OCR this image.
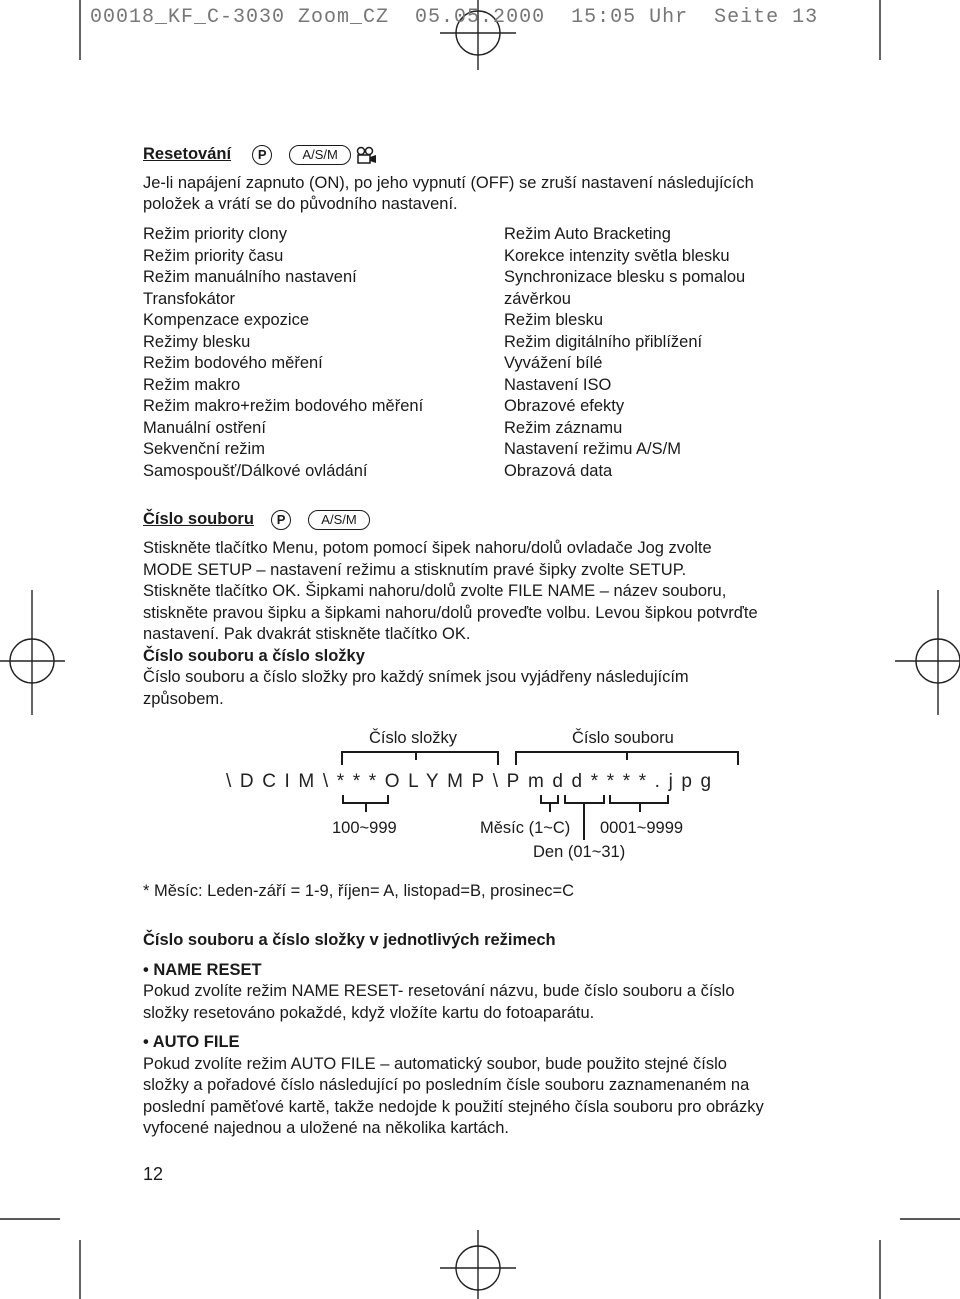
00018_KF_C-3030 Zoom_CZ  05.05.2000  15:05 Uhr  Seite 13
Resetování P	A/S/M
Je-li napájení zapnuto (ON), po jeho vypnutí (OFF) se zruší nastavení následujících
položek a vrátí se do původního nastavení.
Režim priority clony
Režim priority času
Režim manuálního nastavení
Transfokátor
Kompenzace expozice
Režimy blesku
Režim bodového měření
Režim makro
Režim makro+režim bodového měření
Manuální ostření
Sekvenční režim
Samospoušť/Dálkové ovládání
Režim Auto Bracketing
Korekce intenzity světla blesku
Synchronizace blesku s pomalou
závěrkou
Režim blesku
Režim digitálního přiblížení
Vyvážení bílé
Nastavení ISO
Obrazové efekty
Režim záznamu
Nastavení režimu A/S/M
Obrazová data
Číslo souboru P	A/S/M
Stiskněte tlačítko Menu, potom pomocí šipek nahoru/dolů ovladače Jog zvolte
MODE SETUP – nastavení režimu a stisknutím pravé šipky zvolte SETUP.
Stiskněte tlačítko OK. Šipkami nahoru/dolů zvolte FILE NAME – název souboru,
stiskněte pravou šipku a šipkami nahoru/dolů proveďte volbu. Levou šipkou potvrďte
nastavení. Pak dvakrát stiskněte tlačítko OK.
Číslo souboru a číslo složky
Číslo souboru a číslo složky pro každý snímek jsou vyjádřeny následujícím
způsobem.
Číslo složky	Číslo souboru
\DCIM\***OLYMP\Pmdd****.jpg
100~999	Měsíc (1~C) 0001~9999
Den (01~31)
* Měsíc: Leden-září = 1-9, říjen= A, listopad=B, prosinec=C
Číslo souboru a číslo složky v jednotlivých režimech
• NAME RESET
Pokud zvolíte režim NAME RESET- resetování názvu, bude číslo souboru a číslo
složky resetováno pokaždé, když vložíte kartu do fotoaparátu.
• AUTO FILE
Pokud zvolíte režim AUTO FILE – automatický soubor, bude použito stejné číslo
složky a pořadové číslo následující po posledním čísle souboru zaznamenaném na
poslední paměťové kartě, takže nedojde k použití stejného čísla souboru pro obrázky
vyfocené najednou a uložené na několika kartách.
12
